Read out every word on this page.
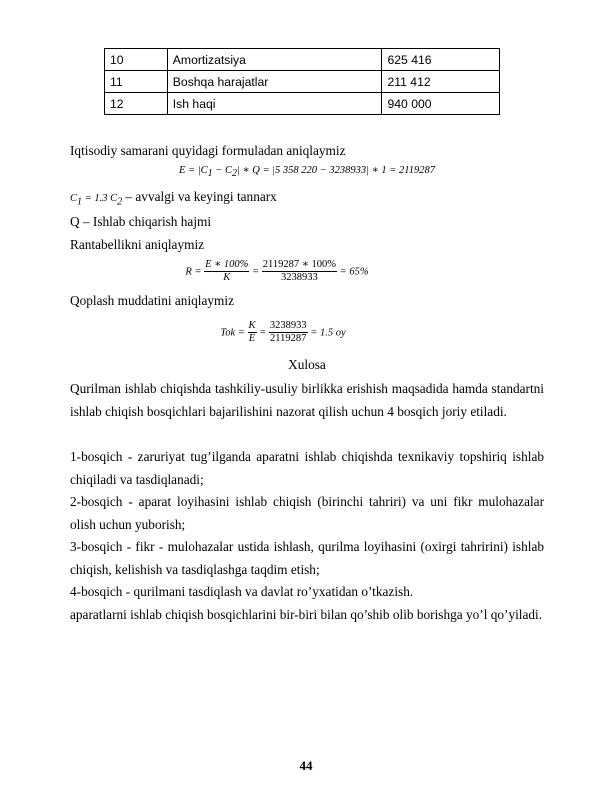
10	Amortizatsiya	625 416
11	Boshqa harajatlar	211 412
12	Ish haqi	940 000
Iqtisodiy samarani quyidagi formuladan aniqlaymiz
$E = |C_1 - C_2|$ ∗ Q = |5 358 220 − 3238933| ∗ 1 = 2119287
$C_1 = 1.3$ $C_2$ – avvalgi va keyingi tannarx
Q – Ishlab chiqarish hajmi
Rantabellikni aniqlaymiz
$R = \frac{E ∗ 100\%}{K} = \frac{2119287 ∗ 100\%}{3238933} = 65\%$
Qoplash muddatini aniqlaymiz
Tok = $\frac{K}{E} = \frac{3238933}{2119287} = 1.5$ oy
Xulosa
Qurilman ishlab chiqishda tashkiliy-usuliy birlikka erishish maqsadida hamda standartni ishlab chiqish bosqichlari bajarilishini nazorat qilish uchun 4 bosqich joriy etiladi.
1-bosqich - zaruriyat tug’ilganda aparatni ishlab chiqishda texnikaviy topshiriq ishlab chiqiladi va tasdiqlanadi;
2-bosqich - aparat loyihasini ishlab chiqish (birinchi tahriri) va uni fikr mulohazalar olish uchun yuborish;
3-bosqich - fikr - mulohazalar ustida ishlash, qurilma loyihasini (oxirgi tahririni) ishlab chiqish, kelishish va tasdiqlashga taqdim etish;
4-bosqich - qurilmani tasdiqlash va davlat ro’yxatidan o’tkazish.
aparatlarni ishlab chiqish bosqichlarini bir-biri bilan qo’shib olib borishga yo’l qo’yiladi.
44
